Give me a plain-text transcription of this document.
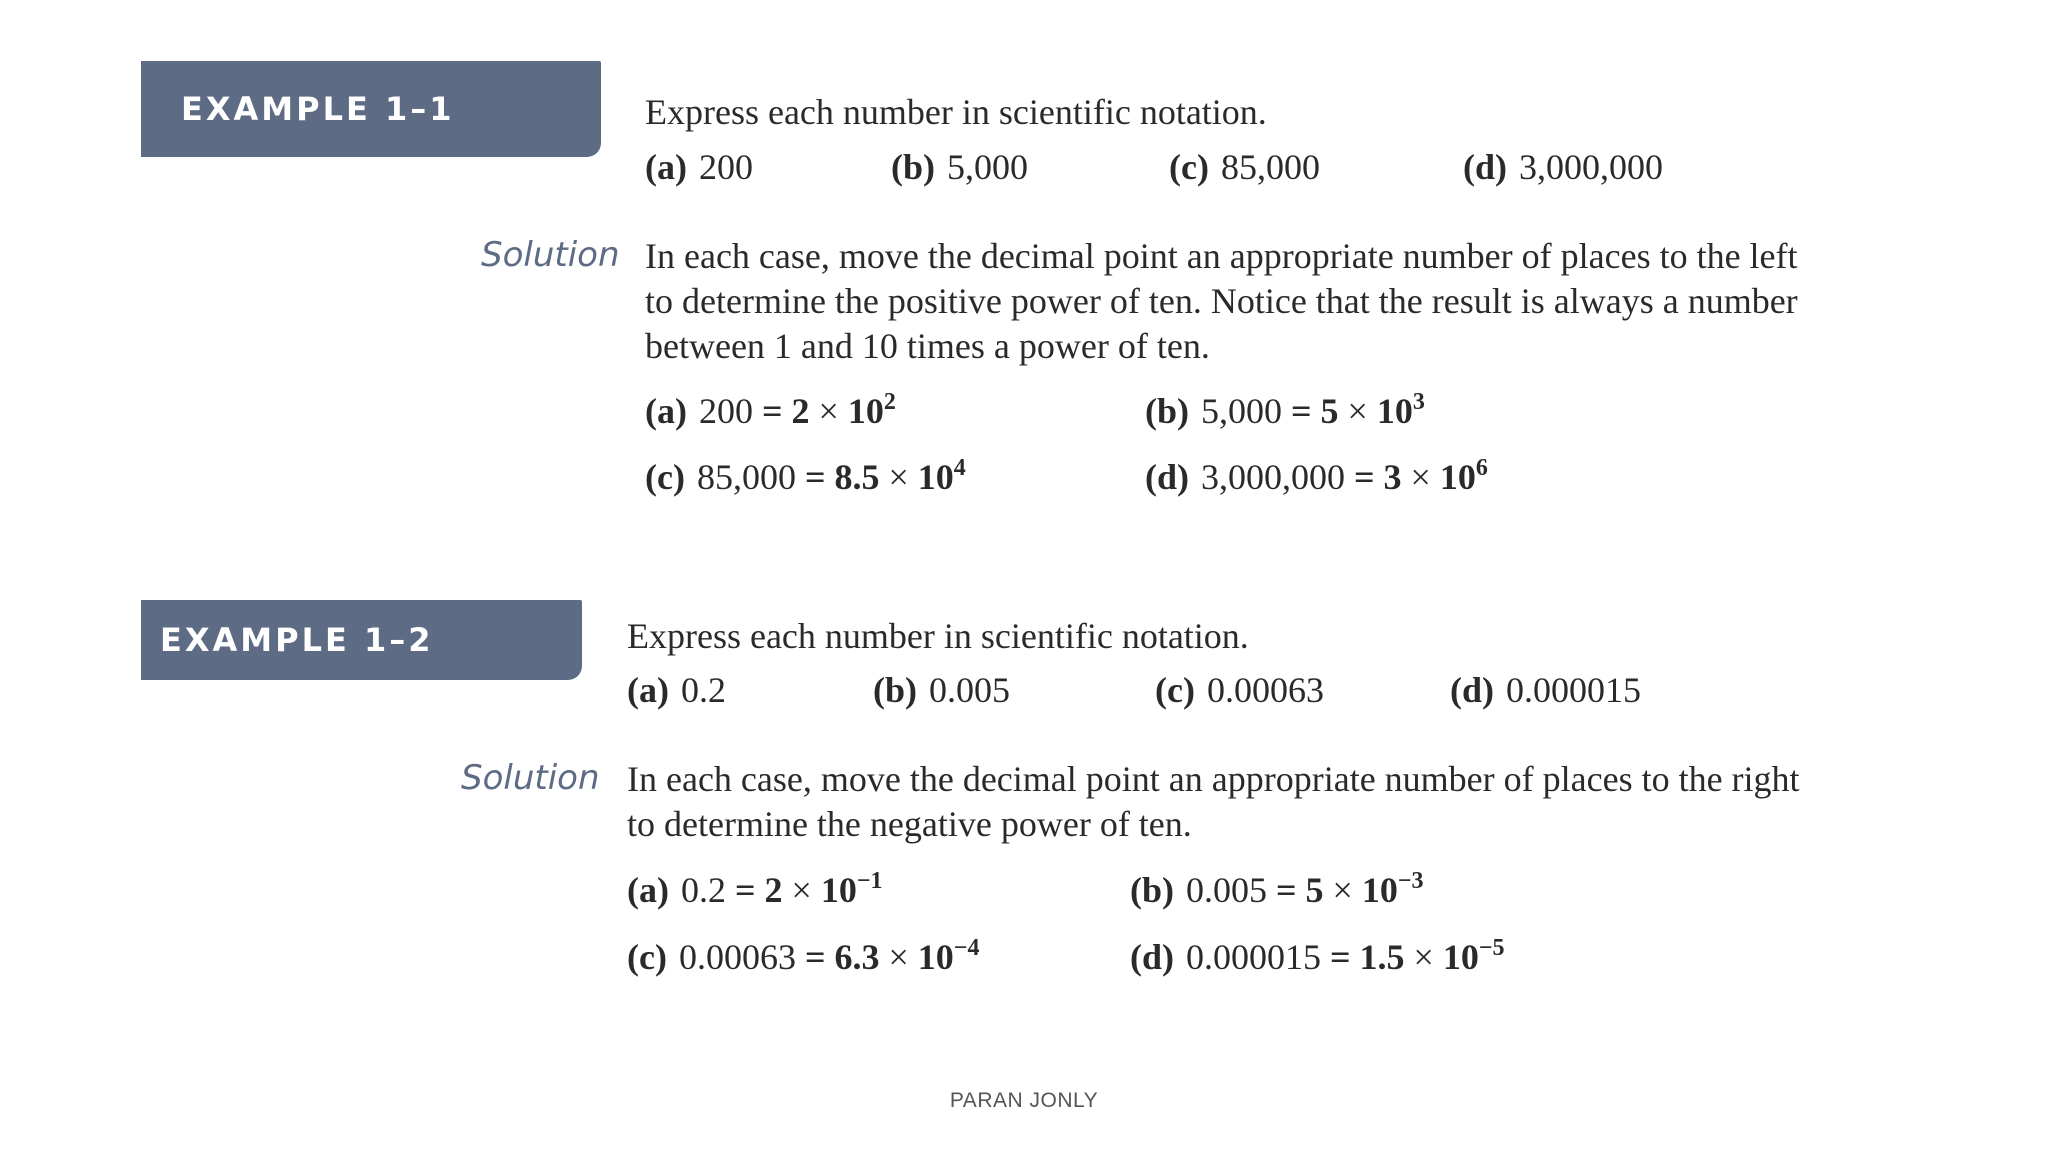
EXAMPLE 1–1	Express each number in scientific notation.
(a) 200	(b) 5,000	(c) 85,000	(d) 3,000,000
Solution In each case, move the decimal point an appropriate number of places to the left
to determine the positive power of ten. Notice that the result is always a number
between 1 and 10 times a power of ten.
(a) $200 = 2 \times 10^2$	(b) $5,000 = 5 \times 10^3$
(c) $85,000 = 8.5 \times 10^4$	(d) $3,000,000 = 3 \times 10^6$
EXAMPLE 1–2	Express each number in scientific notation.
(a) 0.2	(b) 0.005	(c) 0.00063	(d) 0.000015
Solution In each case, move the decimal point an appropriate number of places to the right
to determine the negative power of ten.
(a) $0.2 = 2 \times 10^{-1}$	(b) $0.005 = 5 \times 10^{-3}$
(c) $0.00063 = 6.3 \times 10^{-4}$	(d) $0.000015 = 1.5 \times 10^{-5}$
PARAN JONLY
